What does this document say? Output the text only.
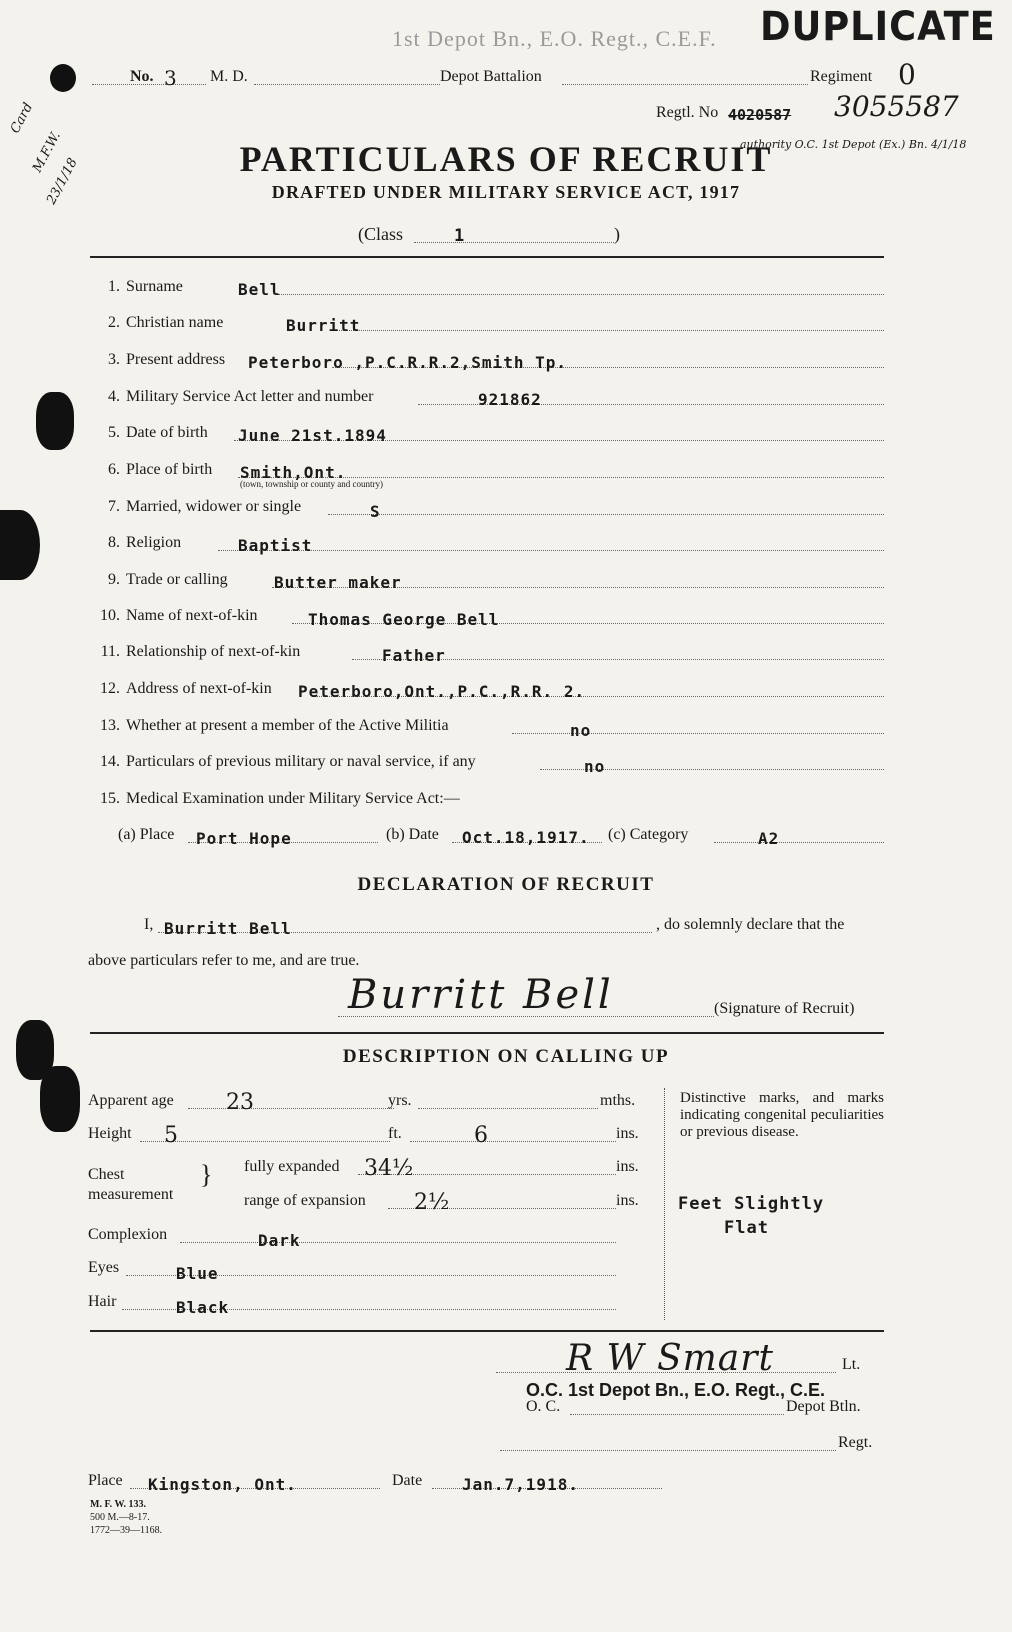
1st Depot Bn., E.O. Regt., C.E.F. DUPLICATE
Card
M.F.W.
23/1/18
3
No.	M. D.	Depot Battalion	Regiment 0
Regtl. No 4020587 3055587
authority O.C. 1st Depot (Ex.) Bn. 4/1/18
PARTICULARS OF RECRUIT
DRAFTED UNDER MILITARY SERVICE ACT, 1917
(Class	1	)
1. Surname	Bell
2. Christian name	Burritt
3. Present address Peterboro ,P.C.R.R.2,Smith Tp.
4. Military Service Act letter and number	921862
5. Date of birth June 21st.1894
6. Place of birth Smith,Ont.
(town, township or county and country)
7. Married, widower or single	S
8. Religion	Baptist
9. Trade or calling	Butter maker
10. Name of next-of-kin	Thomas George Bell
11. Relationship of next-of-kin	Father
12. Address of next-of-kin Peterboro,Ont.,P.C.,R.R. 2.
13. Whether at present a member of the Active Militia	no
14. Particulars of previous military or naval service, if any	no
15. Medical Examination under Military Service Act:—
(a) Place Port Hope	(b) Date Oct.18,1917. (c) Category	A2
DECLARATION OF RECRUIT
I, Burritt Bell	, do solemnly declare that the
above particulars refer to me, and are true.
Burritt Bell	(Signature of Recruit)
DESCRIPTION ON CALLING UP
Apparent age 23	yrs.	mths.
Height 5	ft.	6	ins.
Chest
measurement
} fully expanded 34½	ins.
range of expansion 2½	ins.
Complexion	Dark
Eyes	Blue
Hair	Black
Distinctive marks, and marks indicating congenital peculiarities or previous disease.
Feet Slightly
Flat
R W Smart	Lt.
O.C. 1st Depot Bn., E.O. Regt., C.E.
O. C.	Depot Btln.
Regt.
Place Kingston, Ont.	Date Jan.7,1918.
M. F. W. 133.
500 M.—8-17.
1772—39—1168.
